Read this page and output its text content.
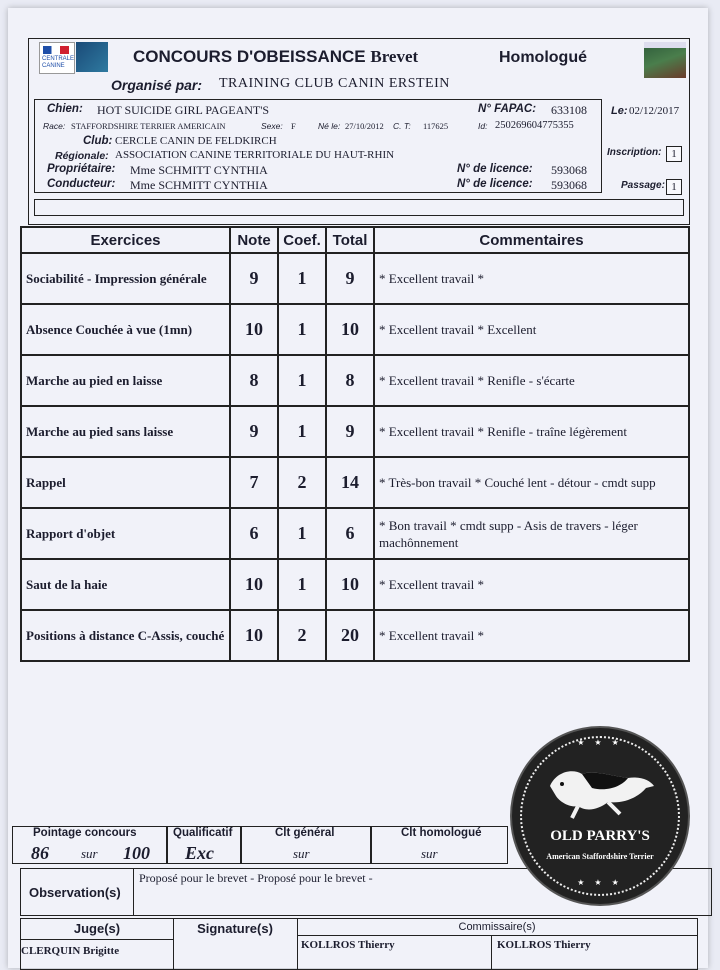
CENTRALE CANINE	CONCOURS D'OBEISSANCE Brevet	Homologué
Organisé par: TRAINING CLUB CANIN ERSTEIN
Chien: HOT SUICIDE GIRL PAGEANT'S	N° FAPAC: 633108
Race: STAFFORDSHIRE TERRIER AMERICAIN	Sexe: F	Né le: 27/10/2012 C. T: 117625	Id: 250269604775355
Club: CERCLE CANIN DE FELDKIRCH
Régionale: ASSOCIATION CANINE TERRITORIALE DU HAUT-RHIN
Propriétaire: Mme SCHMITT CYNTHIA	N° de licence: 593068
Conducteur: Mme SCHMITT CYNTHIA	N° de licence: 593068
Le: 02/12/2017
Inscription: 1
Passage: 1
Exercices	Note	Coef.	Total	Commentaires
Sociabilité - Impression générale	9	1	9	* Excellent travail *
Absence Couchée à vue (1mn)	10	1	10	* Excellent travail * Excellent
Marche au pied en laisse	8	1	8	* Excellent travail * Renifle - s'écarte
Marche au pied sans laisse	9	1	9	* Excellent travail * Renifle - traîne légèrement
Rappel	7	2	14	* Très-bon travail * Couché lent - détour - cmdt supp
Rapport d'objet	6	1	6	* Bon travail * cmdt supp - Asis de travers - léger machônnement
Saut de la haie	10	1	10	* Excellent travail *
Positions à distance C-Assis, couché	10	2	20	* Excellent travail *
Pointage concours
86 sur 100
Qualificatif
Exc
Clt général
sur
Clt homologué
sur
Observation(s)
Proposé pour le brevet - Proposé pour le brevet -
Juge(s)
CLERQUIN Brigitte
Signature(s)	Commissaire(s)
KOLLROS Thierry	KOLLROS Thierry
★ ★ ★
OLD PARRY'S
American Staffordshire Terrier
★ ★ ★
